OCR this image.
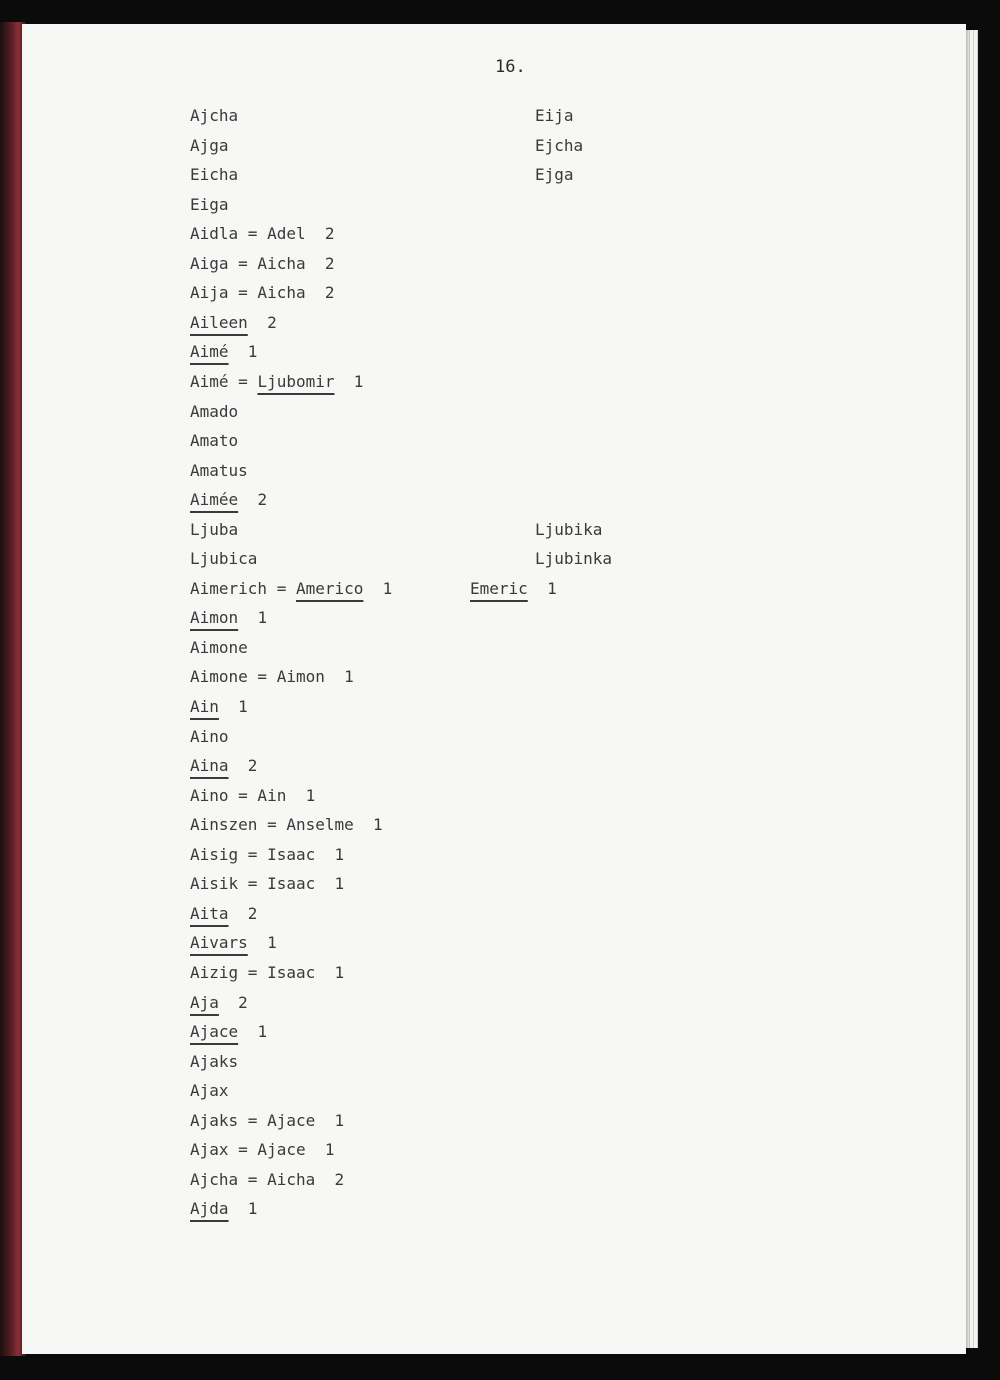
16.
Ajcha
Ajga
Eicha
Eiga
Aidla = Adel  2
Aiga = Aicha  2
Aija = Aicha  2
Aileen  2
Aimé  1
Aimé = Ljubomir  1
Amado
Amato
Amatus
Aimée  2
Ljuba
Ljubica
Aimerich = Americo  1
Aimon  1
Aimone
Aimone = Aimon  1
Ain  1
Aino
Aina  2
Aino = Ain  1
Ainszen = Anselme  1
Aisig = Isaac  1
Aisik = Isaac  1
Aita  2
Aivars  1
Aizig = Isaac  1
Aja  2
Ajace  1
Ajaks
Ajax
Ajaks = Ajace  1
Ajax = Ajace  1
Ajcha = Aicha  2
Ajda  1
Eija
Ejcha
Ejga
Ljubika
Ljubinka
Emeric  1
